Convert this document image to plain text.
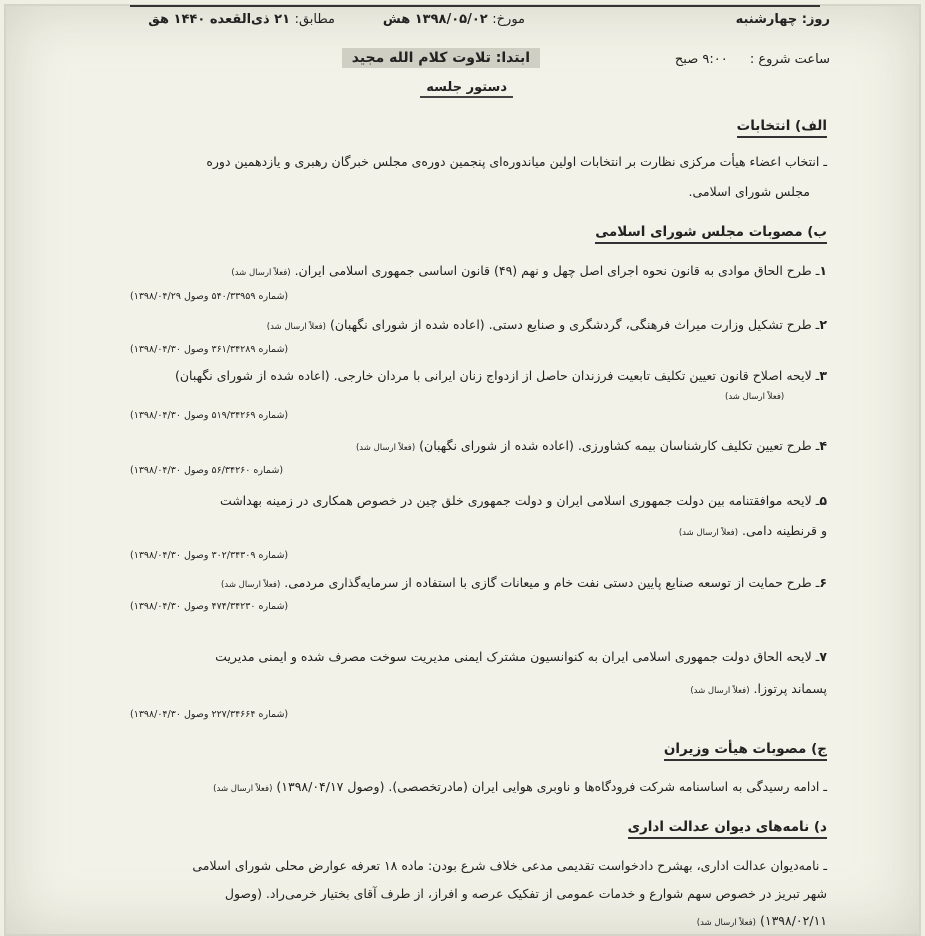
روز: چهارشنبه
مورخ: ۱۳۹۸/۰۵/۰۲ هش
مطابق: ۲۱ ذی‌القعده ۱۴۴۰ هق
ساعت شروع : ۹:۰۰ صبح
ابتدا: تلاوت کلام الله مجید
دستور جلسه
الف) انتخابات
ـ انتخاب اعضاء هیأت مرکزی نظارت بر انتخابات اولین میاندوره‌ای پنجمین دوره‌ی مجلس خبرگان رهبری و یازدهمین دوره
مجلس شورای اسلامی.
ب) مصوبات مجلس شورای اسلامی
۱ـ طرح الحاق موادی به قانون نحوه اجرای اصل چهل و نهم (۴۹) قانون اساسی جمهوری اسلامی ایران. (فعلاً ارسال شد)
(شماره ۵۴۰/۳۳۹۵۹ وصول ۱۳۹۸/۰۴/۲۹)
۲ـ طرح تشکیل وزارت میراث فرهنگی، گردشگری و صنایع دستی. (اعاده شده از شورای نگهبان) (فعلاً ارسال شد)
(شماره ۳۶۱/۳۴۲۸۹ وصول ۱۳۹۸/۰۴/۳۰)
۳ـ لایحه اصلاح قانون تعیین تکلیف تابعیت فرزندان حاصل از ازدواج زنان ایرانی با مردان خارجی. (اعاده شده از شورای نگهبان)
(فعلاً ارسال شد)
(شماره ۵۱۹/۳۴۲۶۹ وصول ۱۳۹۸/۰۴/۳۰)
۴ـ طرح تعیین تکلیف کارشناسان بیمه کشاورزی. (اعاده شده از شورای نگهبان) (فعلاً ارسال شد)
(شماره ۵۶/۳۴۲۶۰ وصول ۱۳۹۸/۰۴/۳۰)
۵ـ لایحه موافقتنامه بین دولت جمهوری اسلامی ایران و دولت جمهوری خلق چین در خصوص همکاری در زمینه بهداشت
و قرنطینه دامی. (فعلاً ارسال شد)
(شماره ۳۰۲/۳۴۳۰۹ وصول ۱۳۹۸/۰۴/۳۰)
۶ـ طرح حمایت از توسعه صنایع پایین دستی نفت خام و میعانات گازی با استفاده از سرمایه‌گذاری مردمی. (فعلاً ارسال شد)
(شماره ۴۷۴/۳۴۲۳۰ وصول ۱۳۹۸/۰۴/۳۰)
۷ـ لایحه الحاق دولت جمهوری اسلامی ایران به کنوانسیون مشترک ایمنی مدیریت سوخت مصرف شده و ایمنی مدیریت
پسماند پرتوزا. (فعلاً ارسال شد)
(شماره ۲۲۷/۳۴۶۶۴ وصول ۱۳۹۸/۰۴/۳۰)
ج) مصوبات هیأت وزیران
ـ ادامه رسیدگی به اساسنامه شرکت فرودگاه‌ها و ناوبری هوایی ایران (مادرتخصصی). (وصول ۱۳۹۸/۰۴/۱۷) (فعلاً ارسال شد)
د) نامه‌های دیوان عدالت اداری
ـ نامه‌دیوان عدالت اداری، بهشرح دادخواست تقدیمی مدعی خلاف شرع بودن: ماده ۱۸ تعرفه عوارض محلی شورای اسلامی
شهر تبریز در خصوص سهم شوارع و خدمات عمومی از تفکیک عرصه و افراز، از طرف آقای بختیار خرمی‌راد. (وصول
۱۳۹۸/۰۲/۱۱) (فعلاً ارسال شد)
